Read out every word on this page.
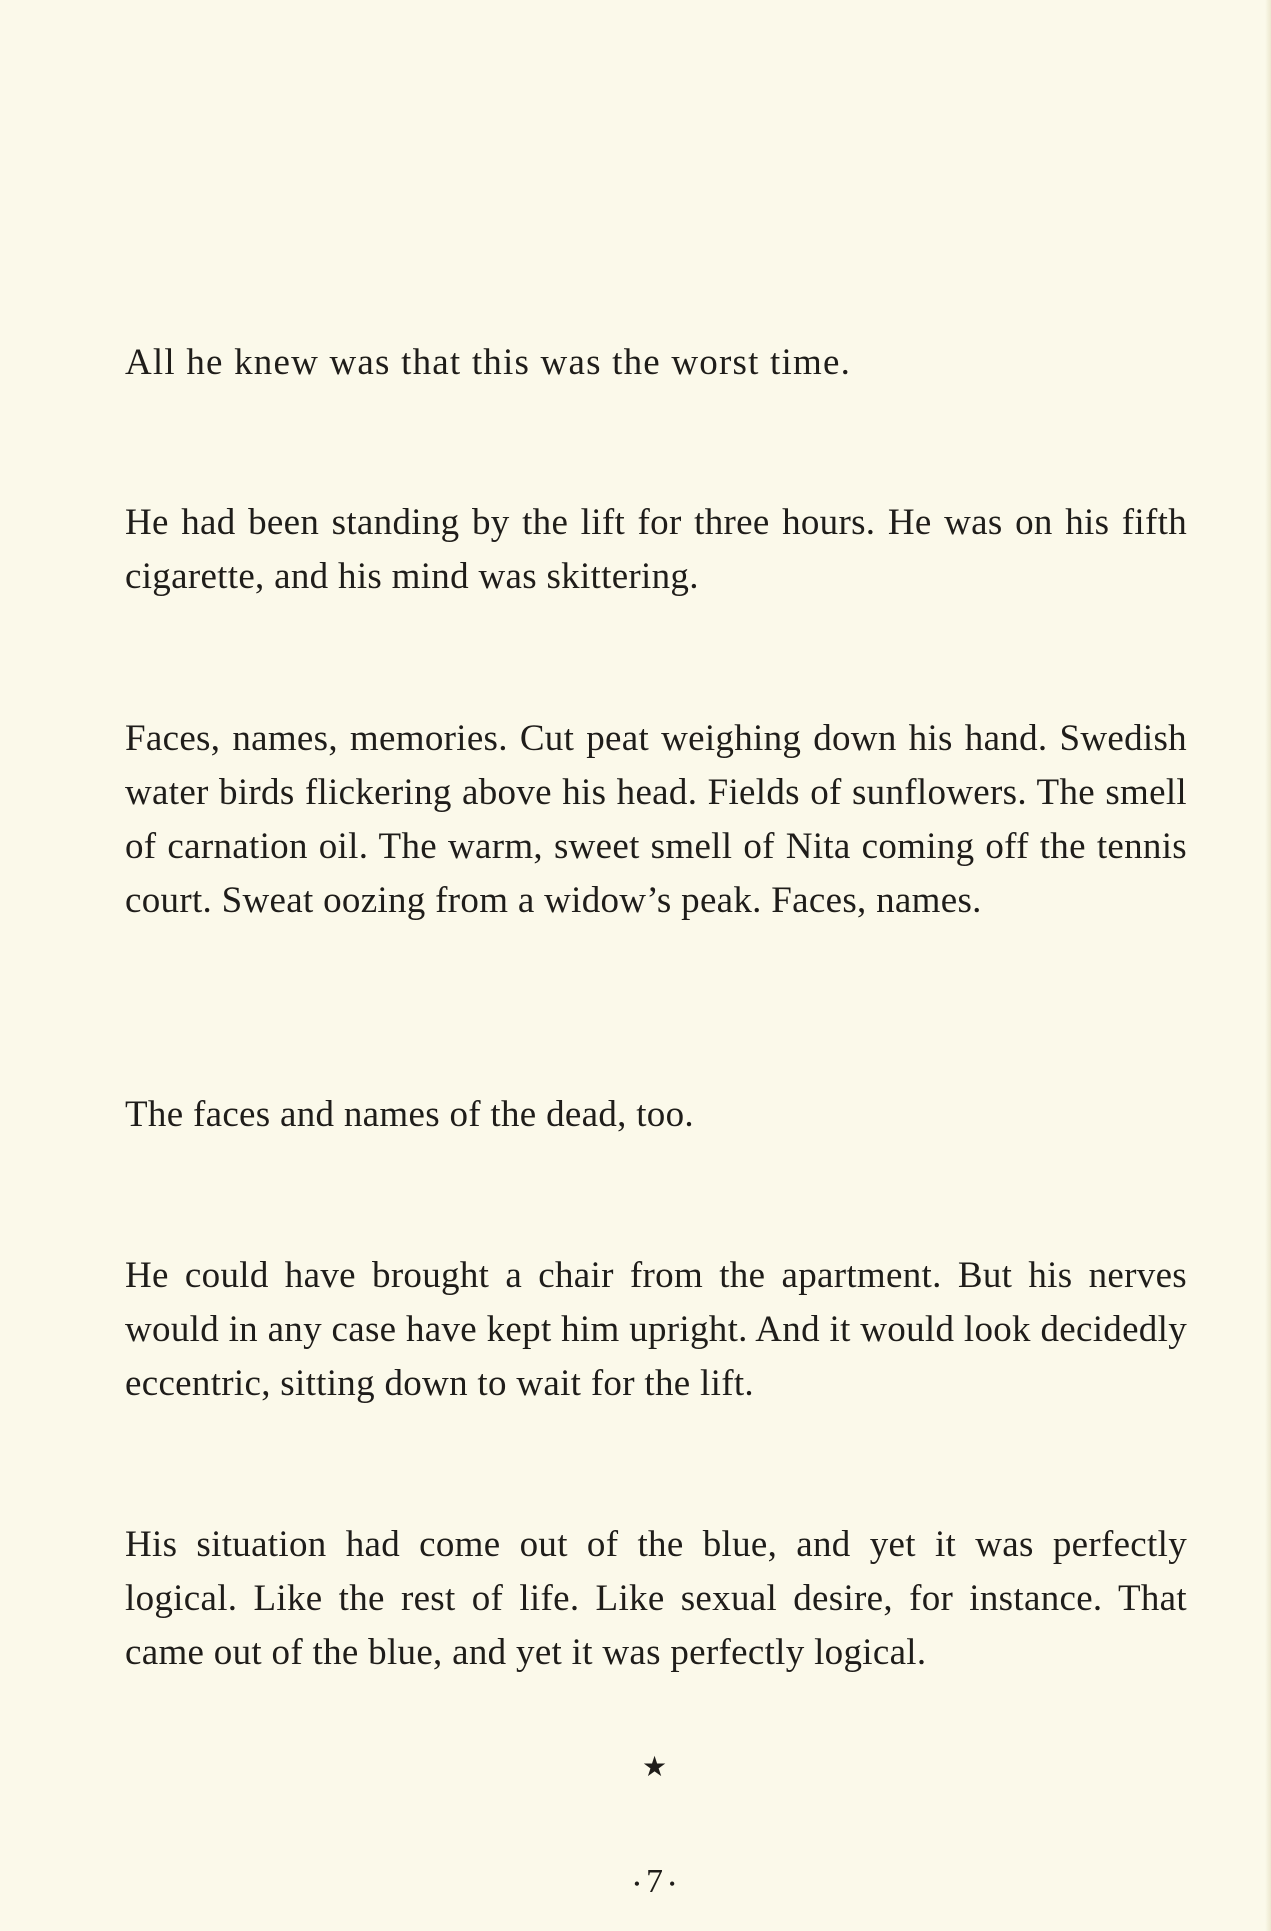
All he knew was that this was the worst time.

He had been standing by the lift for three hours. He was on his fifth cigarette, and his mind was skittering.

Faces, names, memories. Cut peat weighing down his hand. Swedish water birds flickering above his head. Fields of sunflowers. The smell of carnation oil. The warm, sweet smell of Nita coming off the tennis court. Sweat oozing from a widow’s peak. Faces, names.

The faces and names of the dead, too.

He could have brought a chair from the apartment. But his nerves would in any case have kept him upright. And it would look decidedly eccentric, sitting down to wait for the lift.

His situation had come out of the blue, and yet it was perfectly logical. Like the rest of life. Like sexual desire, for instance. That came out of the blue, and yet it was perfectly logical.

★
• 7 •
